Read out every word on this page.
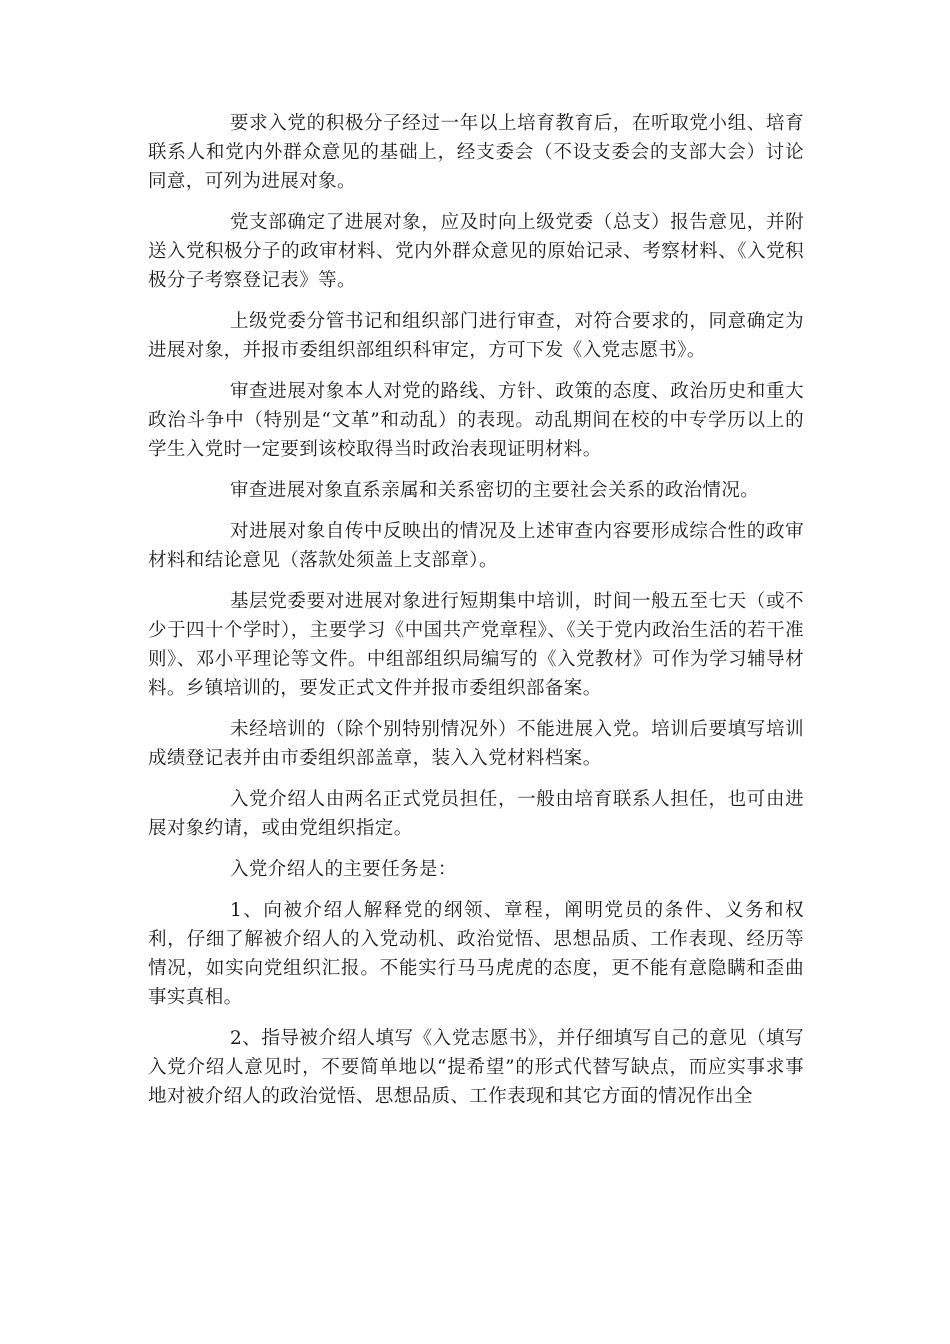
要求入党的积极分子经过一年以上培育教育后，在听取党小组、培育联系人和党内外群众意见的基础上，经支委会（不设支委会的支部大会）讨论同意，可列为进展对象。

党支部确定了进展对象，应及时向上级党委（总支）报告意见，并附送入党积极分子的政审材料、党内外群众意见的原始记录、考察材料、《入党积极分子考察登记表》等。

上级党委分管书记和组织部门进行审查，对符合要求的，同意确定为进展对象，并报市委组织部组织科审定，方可下发《入党志愿书》。

审查进展对象本人对党的路线、方针、政策的态度、政治历史和重大政治斗争中（特别是“文革”和动乱）的表现。动乱期间在校的中专学历以上的学生入党时一定要到该校取得当时政治表现证明材料。

审查进展对象直系亲属和关系密切的主要社会关系的政治情况。

对进展对象自传中反映出的情况及上述审查内容要形成综合性的政审材料和结论意见（落款处须盖上支部章）。

基层党委要对进展对象进行短期集中培训，时间一般五至七天（或不少于四十个学时），主要学习《中国共产党章程》、《关于党内政治生活的若干准则》、邓小平理论等文件。中组部组织局编写的《入党教材》可作为学习辅导材料。乡镇培训的，要发正式文件并报市委组织部备案。

未经培训的（除个别特别情况外）不能进展入党。培训后要填写培训成绩登记表并由市委组织部盖章，装入入党材料档案。

入党介绍人由两名正式党员担任，一般由培育联系人担任，也可由进展对象约请，或由党组织指定。

入党介绍人的主要任务是：

1、向被介绍人解释党的纲领、章程，阐明党员的条件、义务和权利，仔细了解被介绍人的入党动机、政治觉悟、思想品质、工作表现、经历等情况，如实向党组织汇报。不能实行马马虎虎的态度，更不能有意隐瞒和歪曲事实真相。

2、指导被介绍人填写《入党志愿书》，并仔细填写自己的意见（填写入党介绍人意见时，不要简单地以“提希望”的形式代替写缺点，而应实事求事地对被介绍人的政治觉悟、思想品质、工作表现和其它方面的情况作出全
